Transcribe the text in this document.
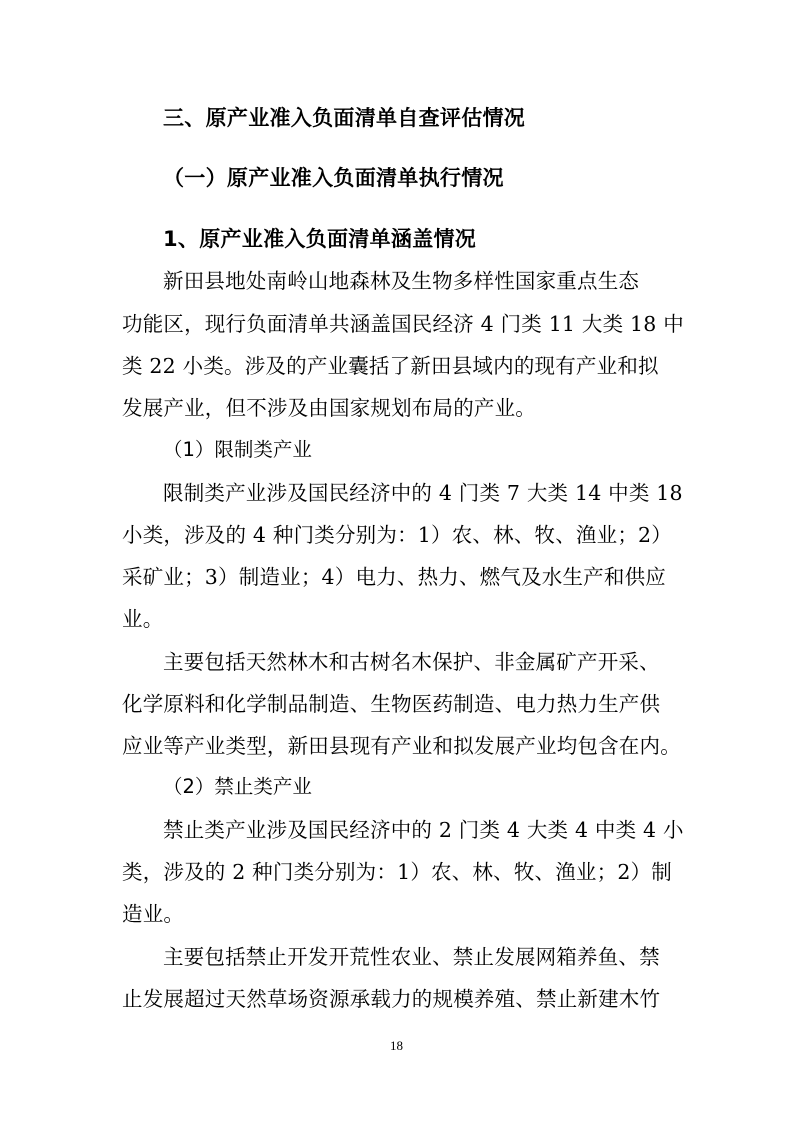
三、原产业准入负面清单自查评估情况
（一）原产业准入负面清单执行情况
1、原产业准入负面清单涵盖情况
新田县地处南岭山地森林及生物多样性国家重点生态
功能区，现行负面清单共涵盖国民经济 4 门类 11 大类 18 中
类 22 小类。涉及的产业囊括了新田县域内的现有产业和拟
发展产业，但不涉及由国家规划布局的产业。
（1）限制类产业
限制类产业涉及国民经济中的 4 门类 7 大类 14 中类 18
小类，涉及的 4 种门类分别为：1）农、林、牧、渔业；2）
采矿业；3）制造业；4）电力、热力、燃气及水生产和供应
业。
主要包括天然林木和古树名木保护、非金属矿产开采、
化学原料和化学制品制造、生物医药制造、电力热力生产供
应业等产业类型，新田县现有产业和拟发展产业均包含在内。
（2）禁止类产业
禁止类产业涉及国民经济中的 2 门类 4 大类 4 中类 4 小
类，涉及的 2 种门类分别为：1）农、林、牧、渔业；2）制
造业。
主要包括禁止开发开荒性农业、禁止发展网箱养鱼、禁
止发展超过天然草场资源承载力的规模养殖、禁止新建木竹
18
